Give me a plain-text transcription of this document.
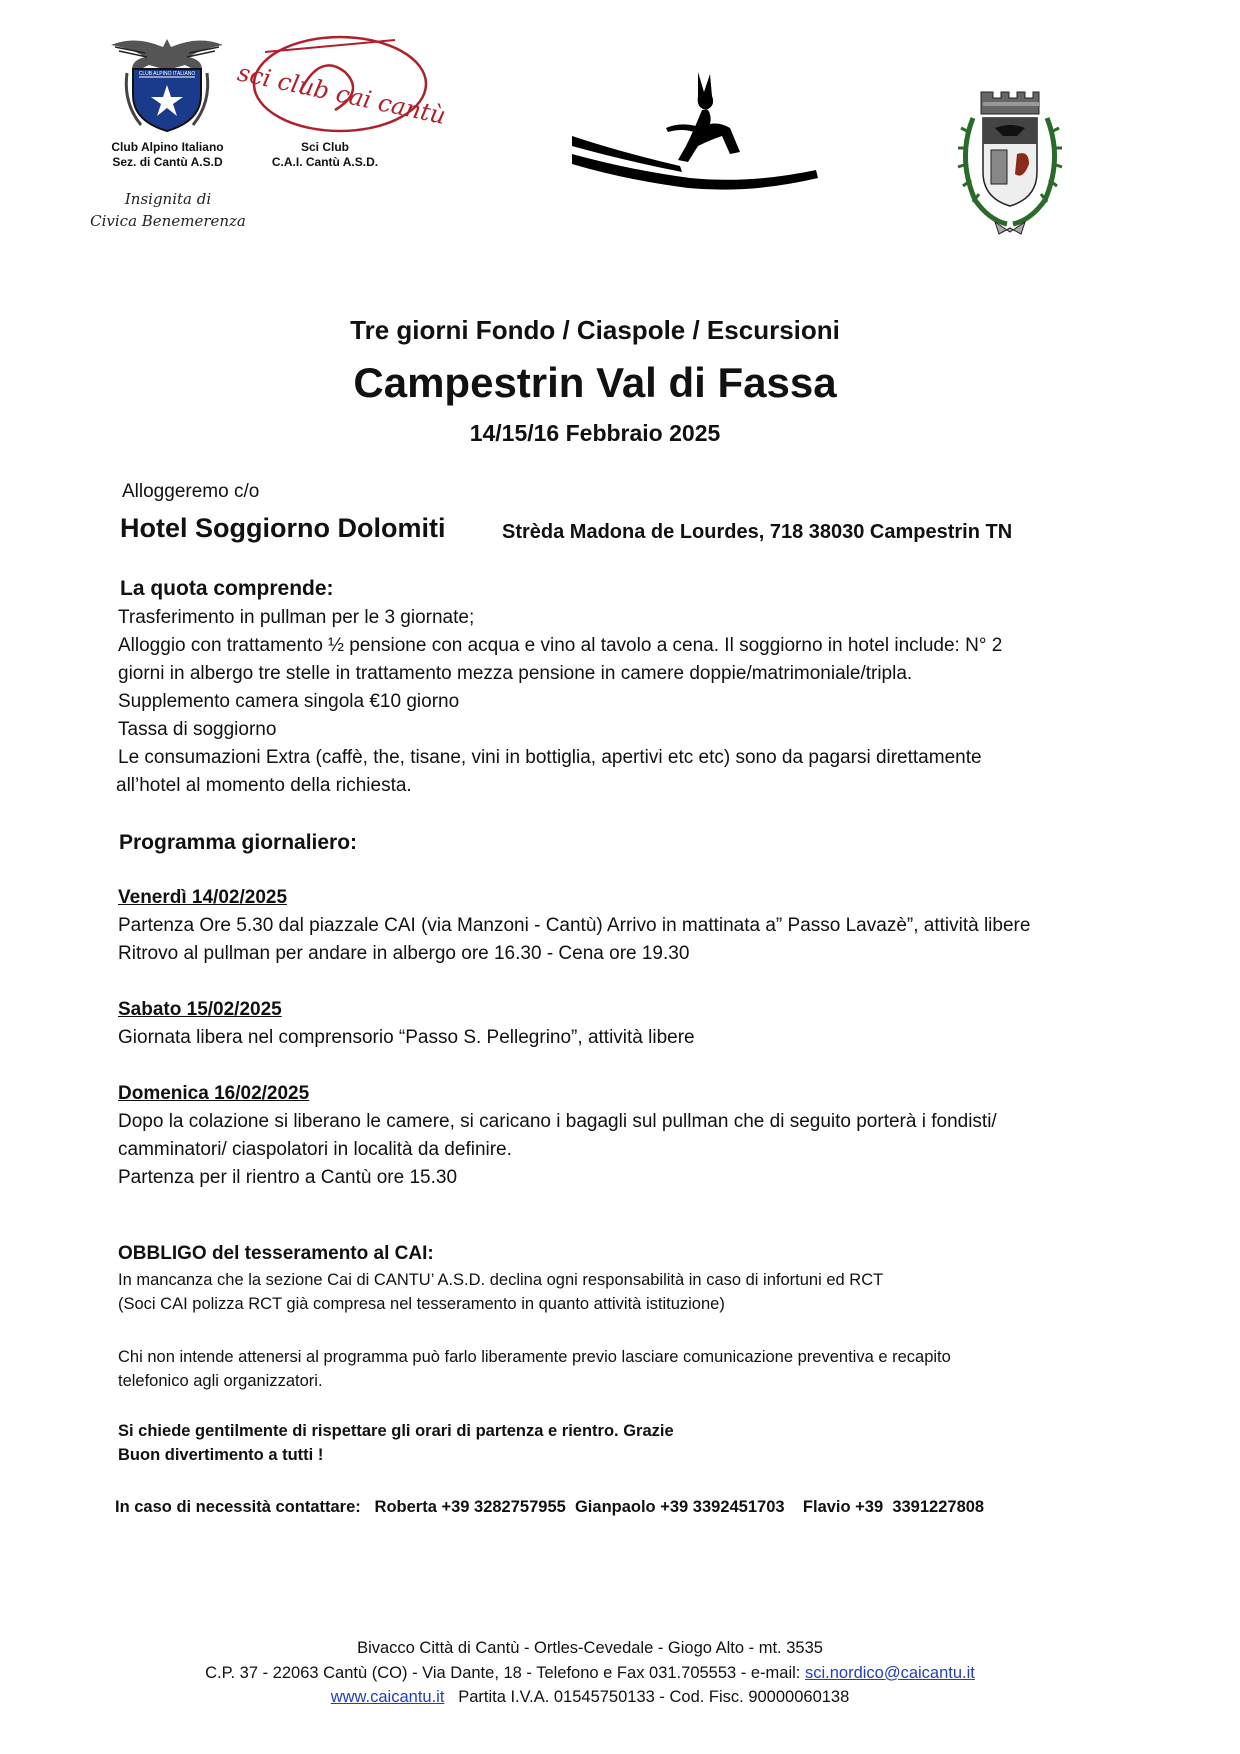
CLUB ALPINO ITALIANO
Club Alpino Italiano
Sez. di Cantù A.S.D
Insignita di
Civica Benemerenza
sci club cai cantù
Sci Club
C.A.I. Cantù A.S.D.
Tre giorni Fondo / Ciaspole / Escursioni
Campestrin Val di Fassa
14/15/16 Febbraio 2025
Alloggeremo c/o
Hotel Soggiorno Dolomiti	Strèda Madona de Lourdes, 718 38030 Campestrin TN
La quota comprende:
Trasferimento in pullman per le 3 giornate;
Alloggio con trattamento ½ pensione con acqua e vino al tavolo a cena. Il soggiorno in hotel include: N° 2
giorni in albergo tre stelle in trattamento mezza pensione in camere doppie/matrimoniale/tripla.
Supplemento camera singola €10 giorno
Tassa di soggiorno
Le consumazioni Extra (caffè, the, tisane, vini in bottiglia, apertivi etc etc) sono da pagarsi direttamente
all’hotel al momento della richiesta.
Programma giornaliero:
Venerdì 14/02/2025
Partenza Ore 5.30 dal piazzale CAI (via Manzoni - Cantù) Arrivo in mattinata a” Passo Lavazè”, attività libere
Ritrovo al pullman per andare in albergo ore 16.30 - Cena ore 19.30
Sabato 15/02/2025
Giornata libera nel comprensorio “Passo S. Pellegrino”, attività libere
Domenica 16/02/2025
Dopo la colazione si liberano le camere, si caricano i bagagli sul pullman che di seguito porterà i fondisti/
camminatori/ ciaspolatori in località da definire.
Partenza per il rientro a Cantù ore 15.30
OBBLIGO del tesseramento al CAI:
In mancanza che la sezione Cai di CANTU’ A.S.D. declina ogni responsabilità in caso di infortuni ed RCT
(Soci CAI polizza RCT già compresa nel tesseramento in quanto attività istituzione)
Chi non intende attenersi al programma può farlo liberamente previo lasciare comunicazione preventiva e recapito
telefonico agli organizzatori.
Si chiede gentilmente di rispettare gli orari di partenza e rientro. Grazie
Buon divertimento a tutti !
In caso di necessità contattare: Roberta +39 3282757955 Gianpaolo +39 3392451703 Flavio +39  3391227808
Bivacco Città di Cantù - Ortles-Cevedale - Giogo Alto - mt. 3535
C.P. 37 - 22063 Cantù (CO) - Via Dante, 18 - Telefono e Fax 031.705553 - e-mail: sci.nordico@caicantu.it
www.caicantu.it Partita I.V.A. 01545750133 - Cod. Fisc. 90000060138
